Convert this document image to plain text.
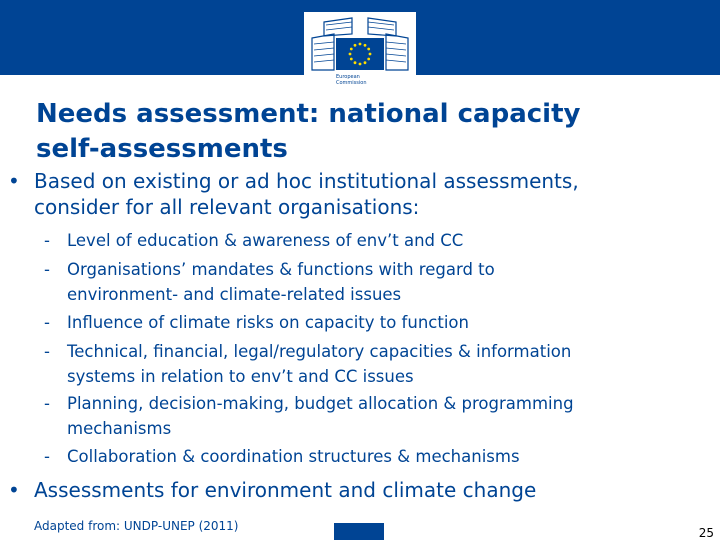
European
Commission
Needs assessment: national capacity
self-assessments
• Based on existing or ad hoc institutional assessments,
consider for all relevant organisations:
- Level of education & awareness of env’t and CC
- Organisations’ mandates & functions with regard to
environment- and climate-related issues
- Influence of climate risks on capacity to function
- Technical, financial, legal/regulatory capacities & information
systems in relation to env’t and CC issues
- Planning, decision-making, budget allocation & programming
mechanisms
- Collaboration & coordination structures & mechanisms
• Assessments for environment and climate change
Adapted from: UNDP-UNEP (2011)	25
